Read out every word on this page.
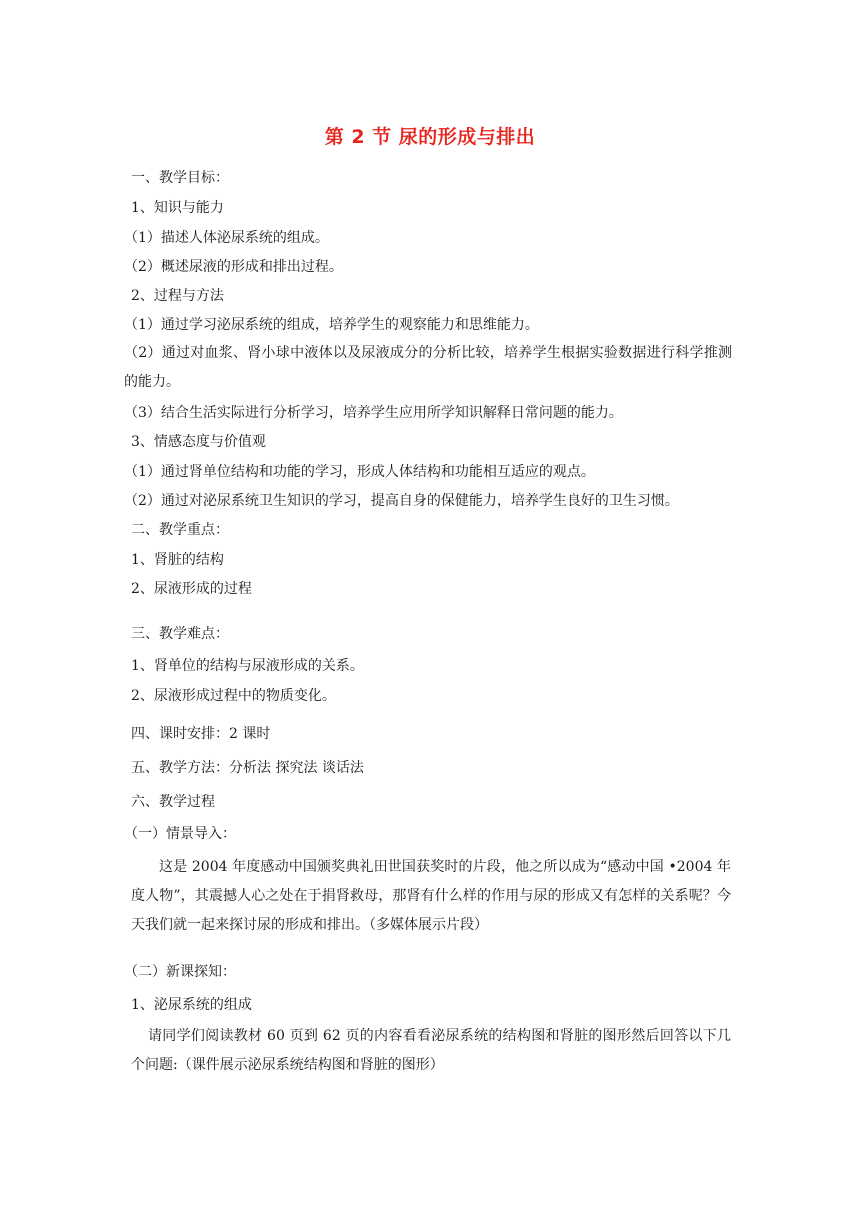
第 2 节 尿的形成与排出
一、教学目标：
1、知识与能力
（1）描述人体泌尿系统的组成。
（2）概述尿液的形成和排出过程。
2、过程与方法
（1）通过学习泌尿系统的组成，培养学生的观察能力和思维能力。
（2）通过对血浆、肾小球中液体以及尿液成分的分析比较，培养学生根据实验数据进行科学推测的能力。
（3）结合生活实际进行分析学习，培养学生应用所学知识解释日常问题的能力。
3、情感态度与价值观
（1）通过肾单位结构和功能的学习，形成人体结构和功能相互适应的观点。
（2）通过对泌尿系统卫生知识的学习，提高自身的保健能力，培养学生良好的卫生习惯。
二、教学重点：
1、肾脏的结构
2、尿液形成的过程
三、教学难点：
1、肾单位的结构与尿液形成的关系。
2、尿液形成过程中的物质变化。
四、课时安排：2 课时
五、教学方法：分析法 探究法 谈话法
六、教学过程
（一）情景导入：
这是 2004 年度感动中国颁奖典礼田世国获奖时的片段，他之所以成为“感动中国 •2004 年度人物”，其震撼人心之处在于捐肾救母，那肾有什么样的作用与尿的形成又有怎样的关系呢？今天我们就一起来探讨尿的形成和排出。（多媒体展示片段）
（二）新课探知：
1、泌尿系统的组成
请同学们阅读教材 60 页到 62 页的内容看看泌尿系统的结构图和肾脏的图形然后回答以下几个问题:（课件展示泌尿系统结构图和肾脏的图形）
